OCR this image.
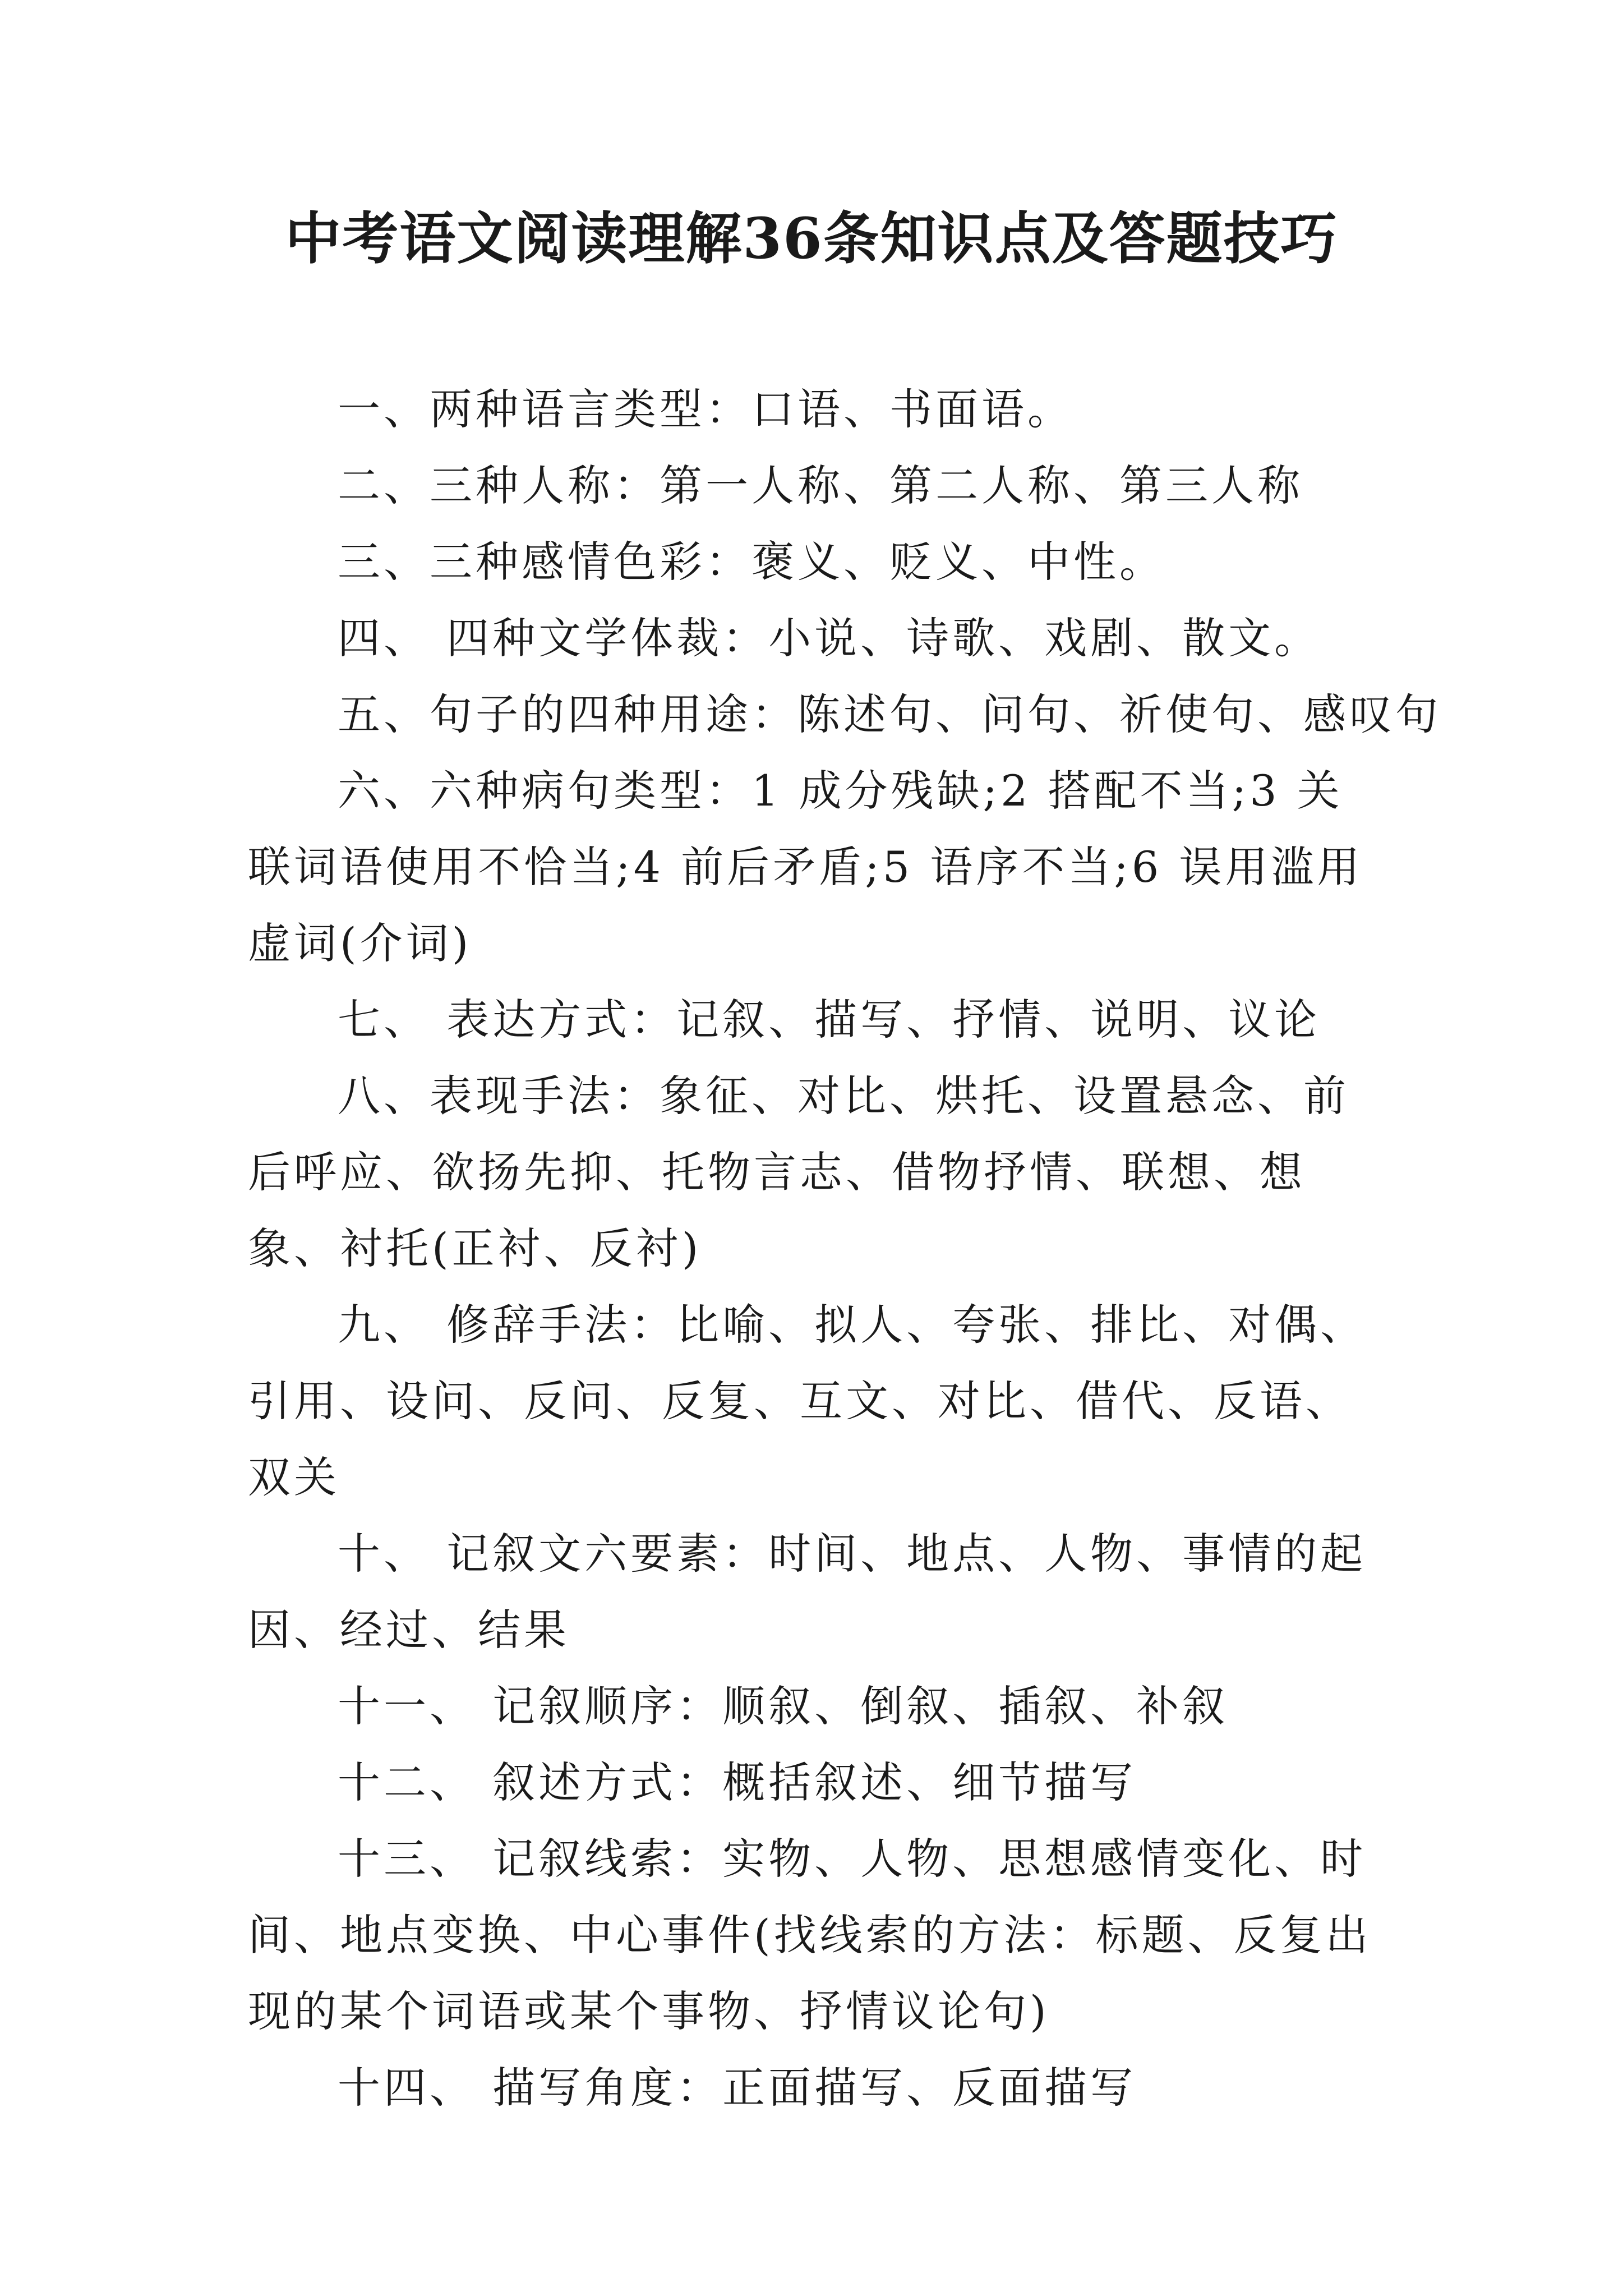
中考语文阅读理解36条知识点及答题技巧

一、两种语言类型：口语、书面语。

二、三种人称：第一人称、第二人称、第三人称

三、三种感情色彩：褒义、贬义、中性。

四、 四种文学体裁：小说、诗歌、戏剧、散文。

五、句子的四种用途：陈述句、问句、祈使句、感叹句

六、六种病句类型：1 成分残缺;2 搭配不当;3 关联词语使用不恰当;4 前后矛盾;5 语序不当;6 误用滥用虚词(介词)

七、 表达方式：记叙、描写、抒情、说明、议论

八、表现手法：象征、对比、烘托、设置悬念、前后呼应、欲扬先抑、托物言志、借物抒情、联想、想象、衬托(正衬、反衬)

九、 修辞手法：比喻、拟人、夸张、排比、对偶、引用、设问、反问、反复、互文、对比、借代、反语、双关

十、 记叙文六要素：时间、地点、人物、事情的起因、经过、结果

十一、 记叙顺序：顺叙、倒叙、插叙、补叙

十二、 叙述方式：概括叙述、细节描写

十三、 记叙线索：实物、人物、思想感情变化、时间、地点变换、中心事件(找线索的方法：标题、反复出现的某个词语或某个事物、抒情议论句)

十四、 描写角度：正面描写、反面描写
